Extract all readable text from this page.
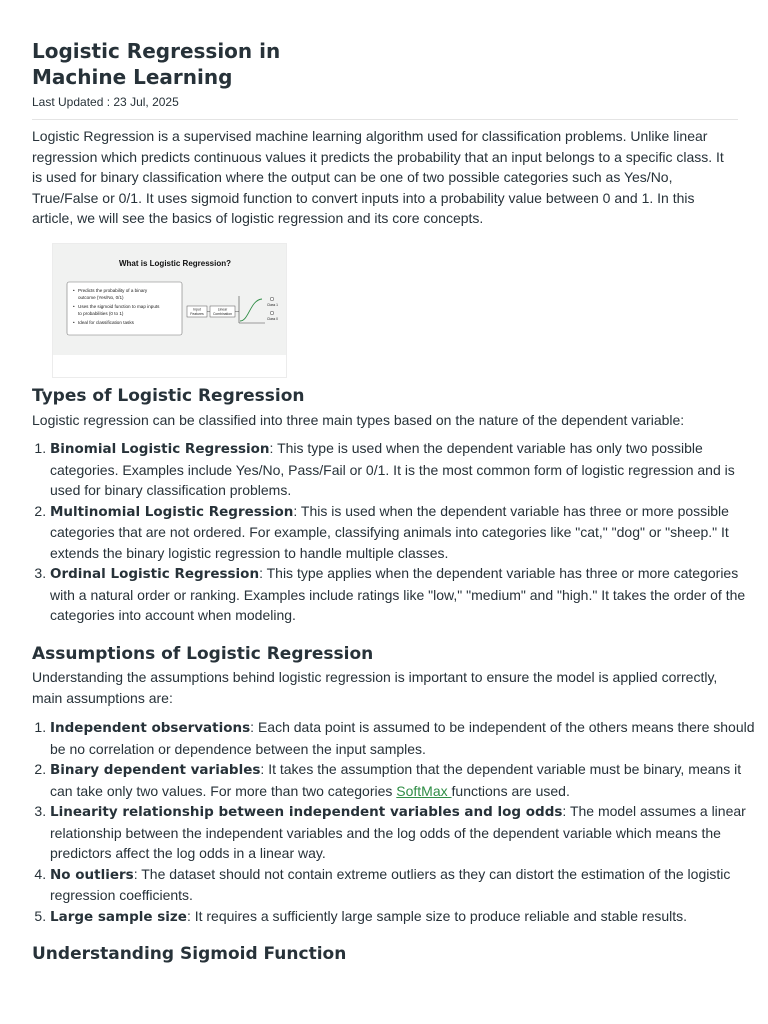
Logistic Regression in Machine Learning

Last Updated : 23 Jul, 2025

Logistic Regression is a supervised machine learning algorithm used for classification problems. Unlike linear regression which predicts continuous values it predicts the probability that an input belongs to a specific class. It is used for binary classification where the output can be one of two possible categories such as Yes/No, True/False or 0/1. It uses sigmoid function to convert inputs into a probability value between 0 and 1. In this article, we will see the basics of logistic regression and its core concepts.

What is Logistic Regression?
• Predicts the probability of a binary
outcome (Yes/No, 0/1)
• Uses the sigmoid function to map inputs
to probabilities (0 to 1)
• Ideal for classification tasks
Input
Features
Linear
Combination
Class 1
Class 0
Types of Logistic Regression

Logistic regression can be classified into three main types based on the nature of the dependent variable:

1. Binomial Logistic Regression: This type is used when the dependent variable has only two possible categories. Examples include Yes/No, Pass/Fail or 0/1. It is the most common form of logistic regression and is used for binary classification problems.
2. Multinomial Logistic Regression: This is used when the dependent variable has three or more possible categories that are not ordered. For example, classifying animals into categories like "cat," "dog" or "sheep." It extends the binary logistic regression to handle multiple classes.
3. Ordinal Logistic Regression: This type applies when the dependent variable has three or more categories with a natural order or ranking. Examples include ratings like "low," "medium" and "high." It takes the order of the categories into account when modeling.
Assumptions of Logistic Regression

Understanding the assumptions behind logistic regression is important to ensure the model is applied correctly, main assumptions are:

1. Independent observations: Each data point is assumed to be independent of the others means there should be no correlation or dependence between the input samples.
2. Binary dependent variables: It takes the assumption that the dependent variable must be binary, means it can take only two values. For more than two categories SoftMax functions are used.
3. Linearity relationship between independent variables and log odds: The model assumes a linear relationship between the independent variables and the log odds of the dependent variable which means the predictors affect the log odds in a linear way.
4. No outliers: The dataset should not contain extreme outliers as they can distort the estimation of the logistic regression coefficients.
5. Large sample size: It requires a sufficiently large sample size to produce reliable and stable results.
Understanding Sigmoid Function
